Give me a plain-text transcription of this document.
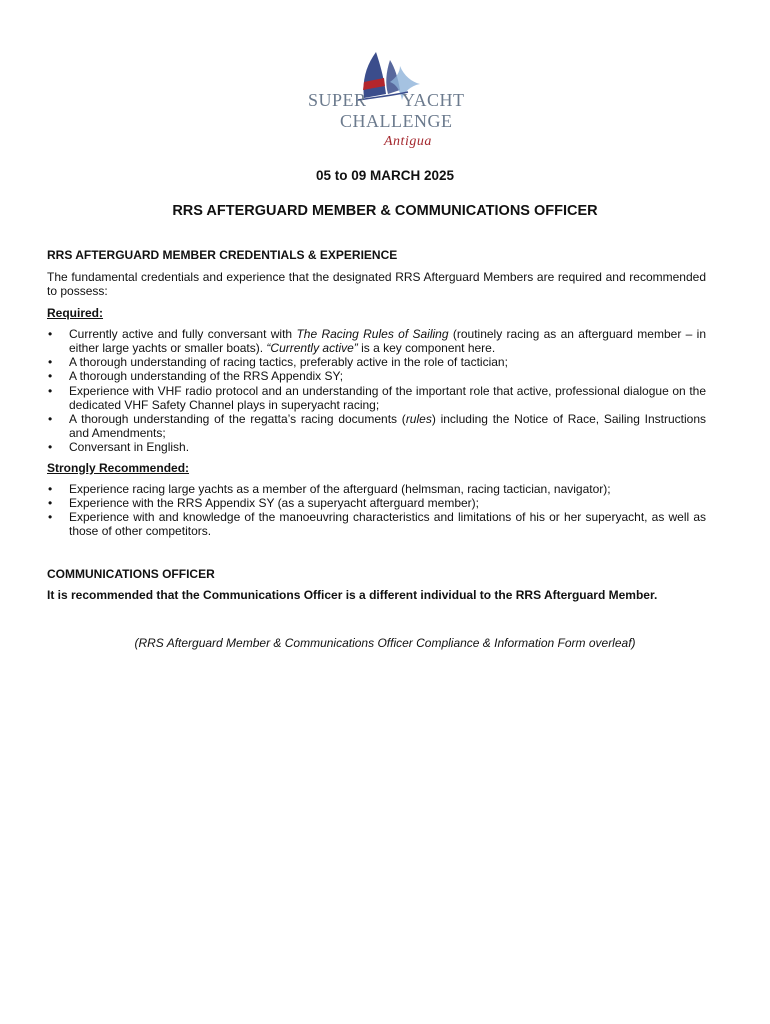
SUPER YACHT
CHALLENGE
Antigua
05 to 09 MARCH 2025
RRS AFTERGUARD MEMBER & COMMUNICATIONS OFFICER

RRS AFTERGUARD MEMBER CREDENTIALS & EXPERIENCE

The fundamental credentials and experience that the designated RRS Afterguard Members are required and recommended to possess:

Required:

• Currently active and fully conversant with The Racing Rules of Sailing (routinely racing as an afterguard member – in either large yachts or smaller boats). “Currently active” is a key component here.
• A thorough understanding of racing tactics, preferably active in the role of tactician;
• A thorough understanding of the RRS Appendix SY;
• Experience with VHF radio protocol and an understanding of the important role that active, professional dialogue on the dedicated VHF Safety Channel plays in superyacht racing;
• A thorough understanding of the regatta’s racing documents (rules) including the Notice of Race, Sailing Instructions and Amendments;
• Conversant in English.

Strongly Recommended:

• Experience racing large yachts as a member of the afterguard (helmsman, racing tactician, navigator);
• Experience with the RRS Appendix SY (as a superyacht afterguard member);
• Experience with and knowledge of the manoeuvring characteristics and limitations of his or her superyacht, as well as those of other competitors.

COMMUNICATIONS OFFICER

It is recommended that the Communications Officer is a different individual to the RRS Afterguard Member.

(RRS Afterguard Member & Communications Officer Compliance & Information Form overleaf)
